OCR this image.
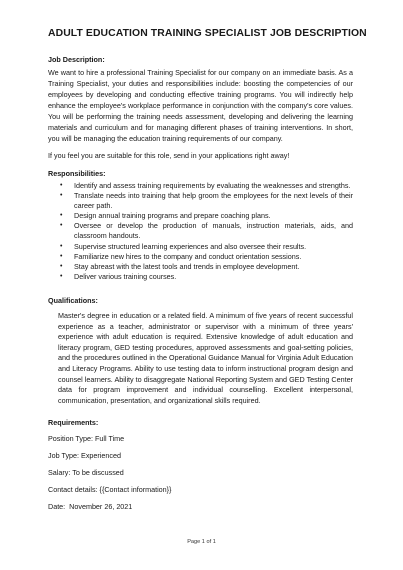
ADULT EDUCATION TRAINING SPECIALIST JOB DESCRIPTION
Job Description:

We want to hire a professional Training Specialist for our company on an immediate basis. As a Training Specialist, your duties and responsibilities include: boosting the competencies of our employees by developing and conducting effective training programs. You will indirectly help enhance the employee's workplace performance in conjunction with the company's core values. You will be performing the training needs assessment, developing and delivering the learning materials and curriculum and for managing different phases of training interventions. In short, you will be managing the education training requirements of our company.

If you feel you are suitable for this role, send in your applications right away!

Responsibilities:
• Identify and assess training requirements by evaluating the weaknesses and strengths.
• Translate needs into training that help groom the employees for the next levels of their career path.
• Design annual training programs and prepare coaching plans.
• Oversee or develop the production of manuals, instruction materials, aids, and classroom handouts.
• Supervise structured learning experiences and also oversee their results.
• Familiarize new hires to the company and conduct orientation sessions.
• Stay abreast with the latest tools and trends in employee development.
• Deliver various training courses.
Qualifications:

Master's degree in education or a related field. A minimum of five years of recent successful experience as a teacher, administrator or supervisor with a minimum of three years' experience with adult education is required. Extensive knowledge of adult education and literacy program, GED testing procedures, approved assessments and goal-setting policies, and the procedures outlined in the Operational Guidance Manual for Virginia Adult Education and Literacy Programs. Ability to use testing data to inform instructional program design and counsel learners. Ability to disaggregate National Reporting System and GED Testing Center data for program improvement and individual counselling. Excellent interpersonal, communication, presentation, and organizational skills required.

Requirements:
Position Type: Full Time
Job Type: Experienced
Salary: To be discussed
Contact details: {{Contact information}}
Date:  November 26, 2021
Page 1 of 1
